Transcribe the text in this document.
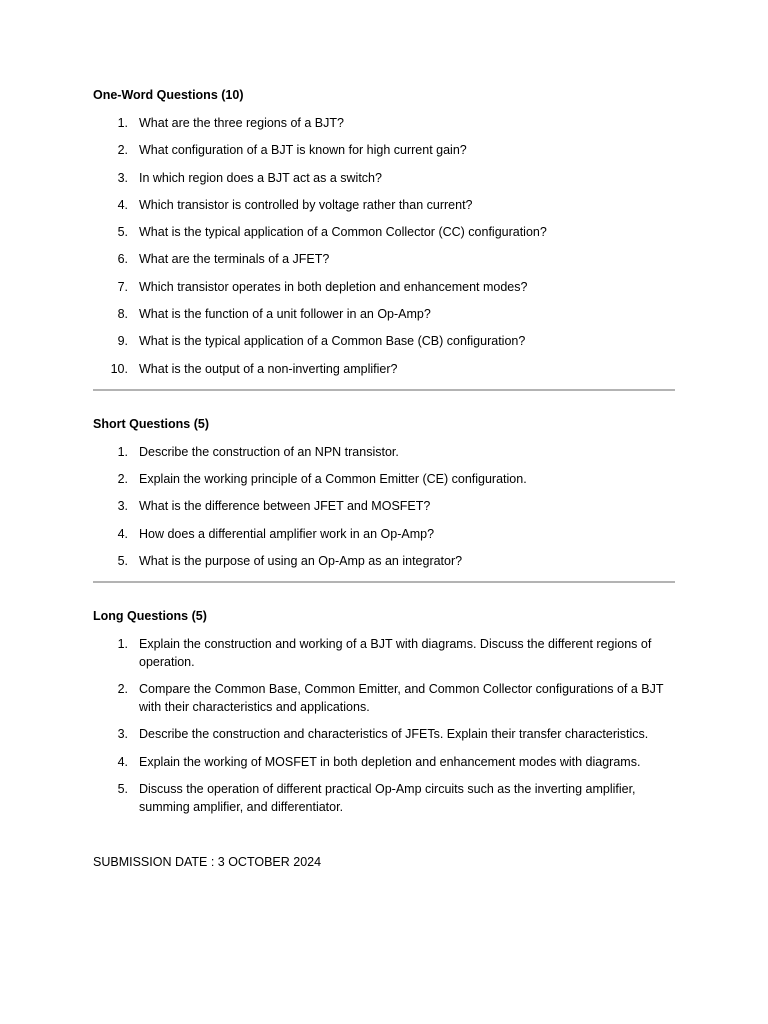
One-Word Questions (10)
1. What are the three regions of a BJT?
2. What configuration of a BJT is known for high current gain?
3. In which region does a BJT act as a switch?
4. Which transistor is controlled by voltage rather than current?
5. What is the typical application of a Common Collector (CC) configuration?
6. What are the terminals of a JFET?
7. Which transistor operates in both depletion and enhancement modes?
8. What is the function of a unit follower in an Op-Amp?
9. What is the typical application of a Common Base (CB) configuration?
10. What is the output of a non-inverting amplifier?
Short Questions (5)
1. Describe the construction of an NPN transistor.
2. Explain the working principle of a Common Emitter (CE) configuration.
3. What is the difference between JFET and MOSFET?
4. How does a differential amplifier work in an Op-Amp?
5. What is the purpose of using an Op-Amp as an integrator?
Long Questions (5)
1. Explain the construction and working of a BJT with diagrams. Discuss the different regions of operation.
2. Compare the Common Base, Common Emitter, and Common Collector configurations of a BJT with their characteristics and applications.
3. Describe the construction and characteristics of JFETs. Explain their transfer characteristics.
4. Explain the working of MOSFET in both depletion and enhancement modes with diagrams.
5. Discuss the operation of different practical Op-Amp circuits such as the inverting amplifier, summing amplifier, and differentiator.
SUBMISSION DATE : 3 OCTOBER 2024
